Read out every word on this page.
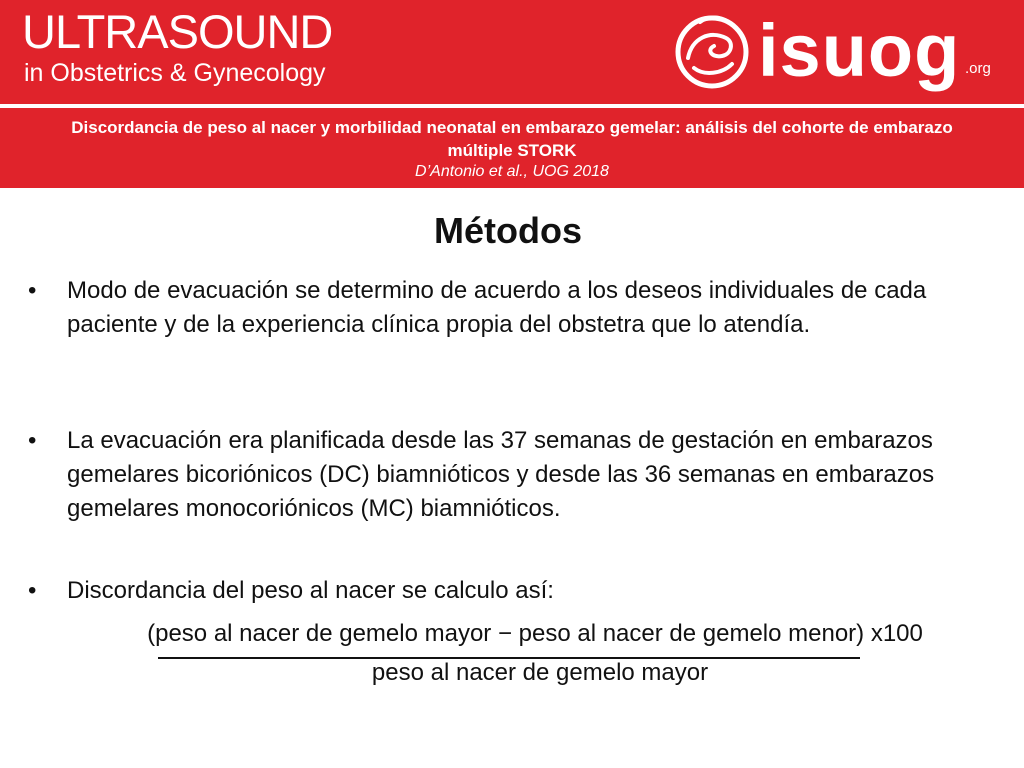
ULTRASOUND
in Obstetrics & Gynecology	isuog .org
Discordancia de peso al nacer y morbilidad neonatal en embarazo gemelar: análisis del cohorte de embarazo múltiple STORK
D’Antonio et al., UOG 2018
Métodos
• Modo de evacuación se determino de acuerdo a los deseos individuales de cada paciente y de la experiencia clínica propia del obstetra que lo atendía.
• La evacuación era planificada desde las 37 semanas de gestación en embarazos gemelares bicoriónicos (DC) biamnióticos y desde las 36 semanas en embarazos gemelares monocoriónicos (MC) biamnióticos.
• Discordancia del peso al nacer se calculo así:
(peso al nacer de gemelo mayor − peso al nacer de gemelo menor) x100
peso al nacer de gemelo mayor
